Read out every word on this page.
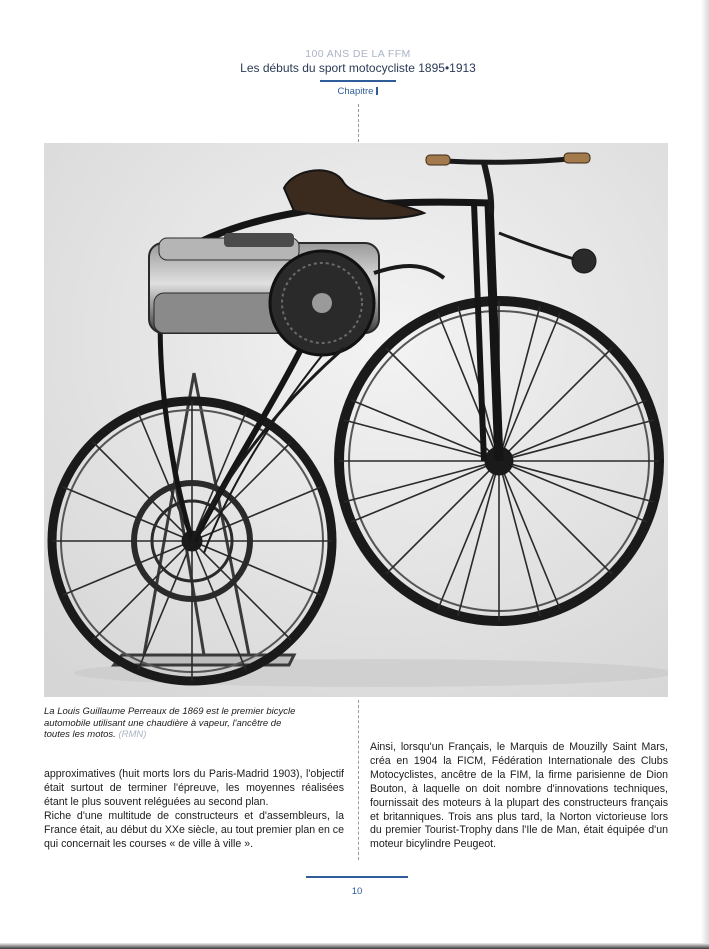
100 ANS DE LA FFM
Les débuts du sport motocycliste 1895•1913
Chapitre
La Louis Guillaume Perreaux de 1869 est le premier bicycle automobile utilisant une chaudière à vapeur, l'ancêtre de toutes les motos. (RMN)

approximatives (huit morts lors du Paris-Madrid 1903), l'objectif était surtout de terminer l'épreuve, les moyennes réalisées étant le plus souvent reléguées au second plan.

Riche d'une multitude de constructeurs et d'assembleurs, la France était, au début du XXe siècle, au tout premier plan en ce qui concernait les courses « de ville à ville ».

Ainsi, lorsqu'un Français, le Marquis de Mouzilly Saint Mars, créa en 1904 la FICM, Fédération Internationale des Clubs Motocyclistes, ancêtre de la FIM, la firme parisienne de Dion Bouton, à laquelle on doit nombre d'innovations techniques, fournissait des moteurs à la plupart des constructeurs français et britanniques. Trois ans plus tard, la Norton victorieuse lors du premier Tourist-Trophy dans l'Ile de Man, était équipée d'un moteur bicylindre Peugeot.

10
